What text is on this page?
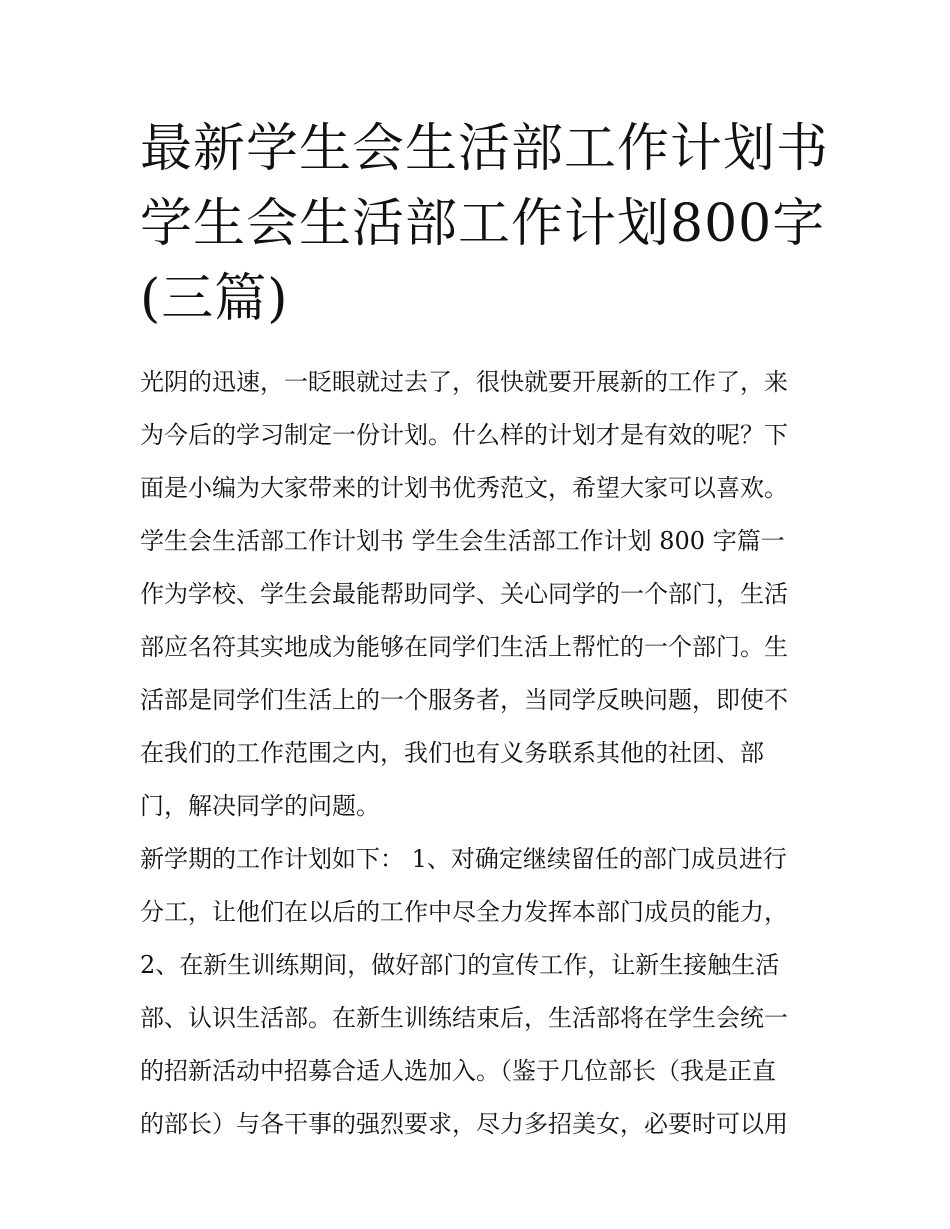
最新学生会生活部工作计划书
学生会生活部工作计划800字
(三篇)
光阴的迅速，一眨眼就过去了，很快就要开展新的工作了，来
为今后的学习制定一份计划。什么样的计划才是有效的呢？下
面是小编为大家带来的计划书优秀范文，希望大家可以喜欢。
学生会生活部工作计划书 学生会生活部工作计划 800 字篇一
作为学校、学生会最能帮助同学、关心同学的一个部门，生活
部应名符其实地成为能够在同学们生活上帮忙的一个部门。生
活部是同学们生活上的一个服务者，当同学反映问题，即使不
在我们的工作范围之内，我们也有义务联系其他的社团、部
门，解决同学的问题。
新学期的工作计划如下： 1、对确定继续留任的部门成员进行
分工，让他们在以后的工作中尽全力发挥本部门成员的能力，
2、在新生训练期间，做好部门的宣传工作，让新生接触生活
部、认识生活部。在新生训练结束后，生活部将在学生会统一
的招新活动中招募合适人选加入。（鉴于几位部长（我是正直
的部长）与各干事的强烈要求，尽力多招美女，必要时可以用
